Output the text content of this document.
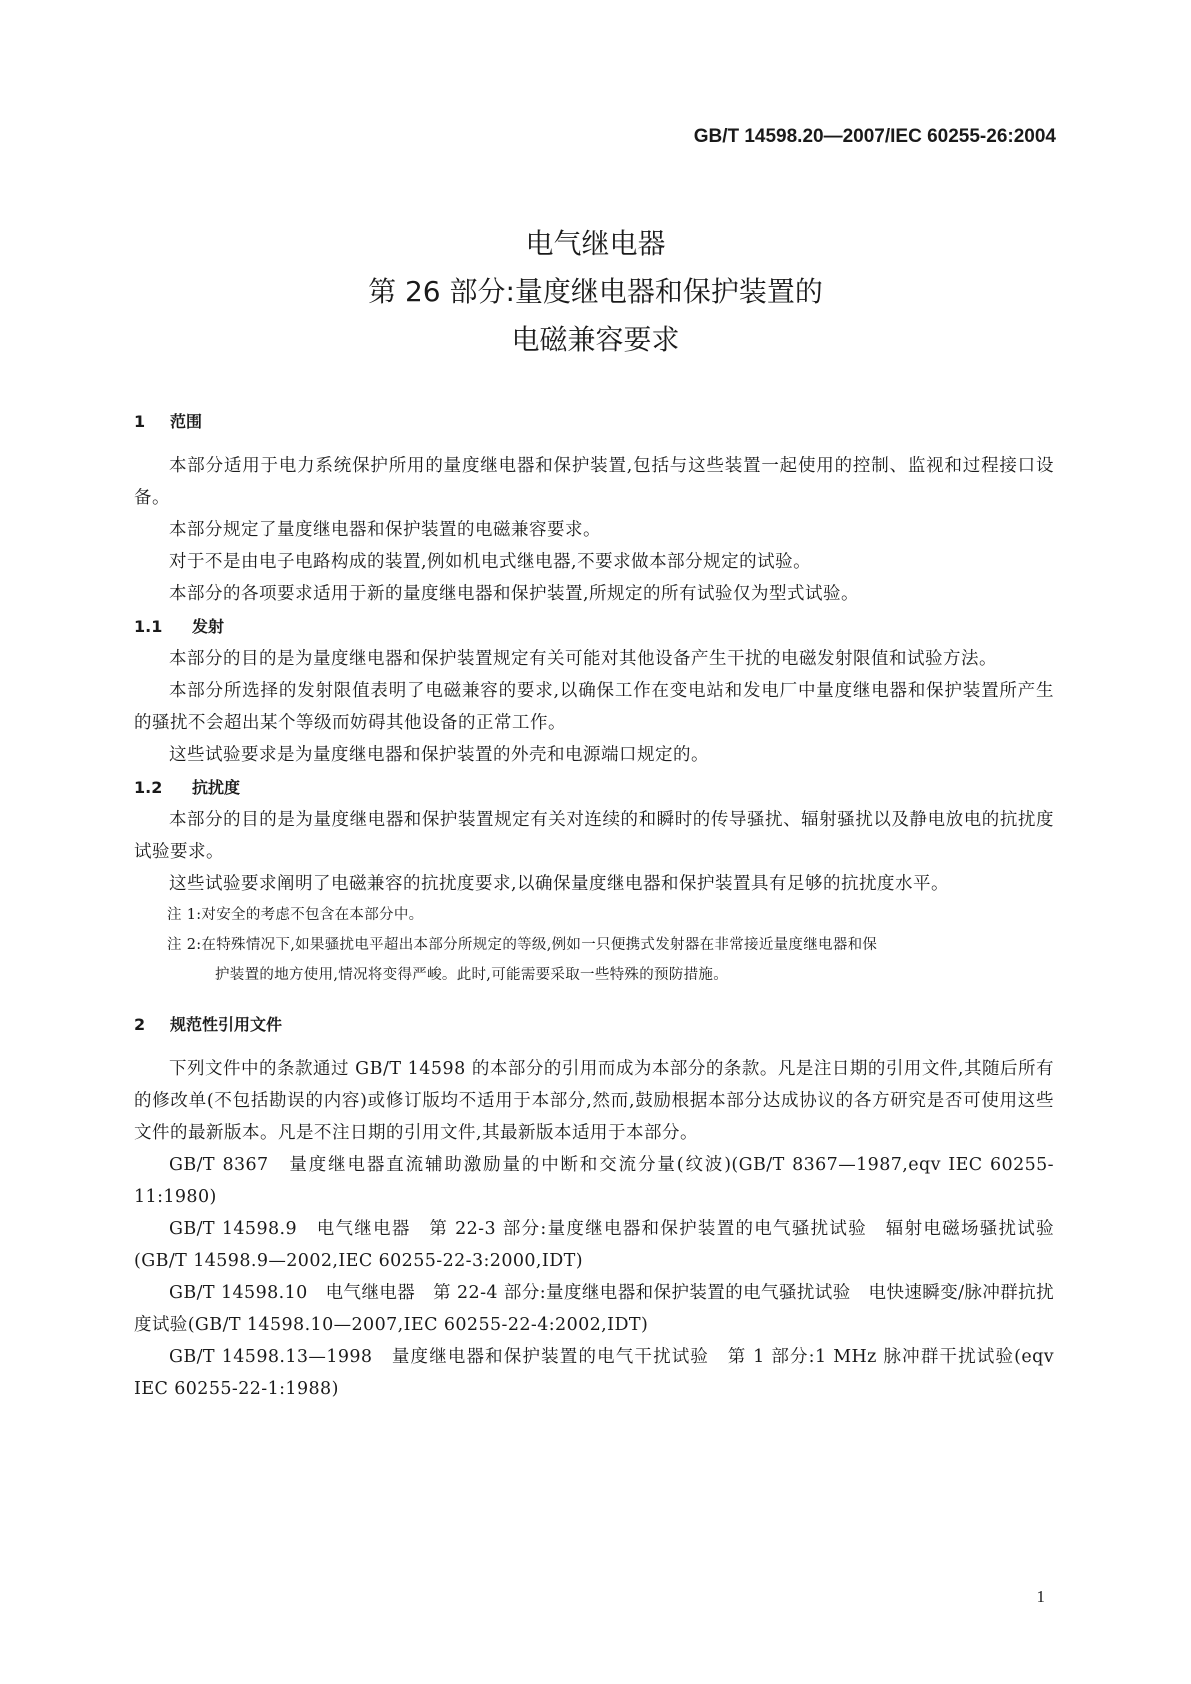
GB/T 14598.20—2007/IEC 60255-26:2004
电气继电器
第 26 部分:量度继电器和保护装置的
电磁兼容要求
1 范围

本部分适用于电力系统保护所用的量度继电器和保护装置,包括与这些装置一起使用的控制、监视和过程接口设备。

本部分规定了量度继电器和保护装置的电磁兼容要求。

对于不是由电子电路构成的装置,例如机电式继电器,不要求做本部分规定的试验。

本部分的各项要求适用于新的量度继电器和保护装置,所规定的所有试验仅为型式试验。

1.1 发射

本部分的目的是为量度继电器和保护装置规定有关可能对其他设备产生干扰的电磁发射限值和试验方法。

本部分所选择的发射限值表明了电磁兼容的要求,以确保工作在变电站和发电厂中量度继电器和保护装置所产生的骚扰不会超出某个等级而妨碍其他设备的正常工作。

这些试验要求是为量度继电器和保护装置的外壳和电源端口规定的。

1.2 抗扰度

本部分的目的是为量度继电器和保护装置规定有关对连续的和瞬时的传导骚扰、辐射骚扰以及静电放电的抗扰度试验要求。

这些试验要求阐明了电磁兼容的抗扰度要求,以确保量度继电器和保护装置具有足够的抗扰度水平。

注 1:对安全的考虑不包含在本部分中。
注 2:在特殊情况下,如果骚扰电平超出本部分所规定的等级,例如一只便携式发射器在非常接近量度继电器和保
护装置的地方使用,情况将变得严峻。此时,可能需要采取一些特殊的预防措施。
2 规范性引用文件

下列文件中的条款通过 GB/T 14598 的本部分的引用而成为本部分的条款。凡是注日期的引用文件,其随后所有的修改单(不包括勘误的内容)或修订版均不适用于本部分,然而,鼓励根据本部分达成协议的各方研究是否可使用这些文件的最新版本。凡是不注日期的引用文件,其最新版本适用于本部分。

GB/T 8367　量度继电器直流辅助激励量的中断和交流分量(纹波)(GB/T 8367—1987,eqv IEC 60255-11:1980)

GB/T 14598.9　电气继电器　第 22-3 部分:量度继电器和保护装置的电气骚扰试验　辐射电磁场骚扰试验(GB/T 14598.9—2002,IEC 60255-22-3:2000,IDT)

GB/T 14598.10　电气继电器　第 22-4 部分:量度继电器和保护装置的电气骚扰试验　电快速瞬变/脉冲群抗扰度试验(GB/T 14598.10—2007,IEC 60255-22-4:2002,IDT)

GB/T 14598.13—1998　量度继电器和保护装置的电气干扰试验　第 1 部分:1 MHz 脉冲群干扰试验(eqv IEC 60255-22-1:1988)

1
